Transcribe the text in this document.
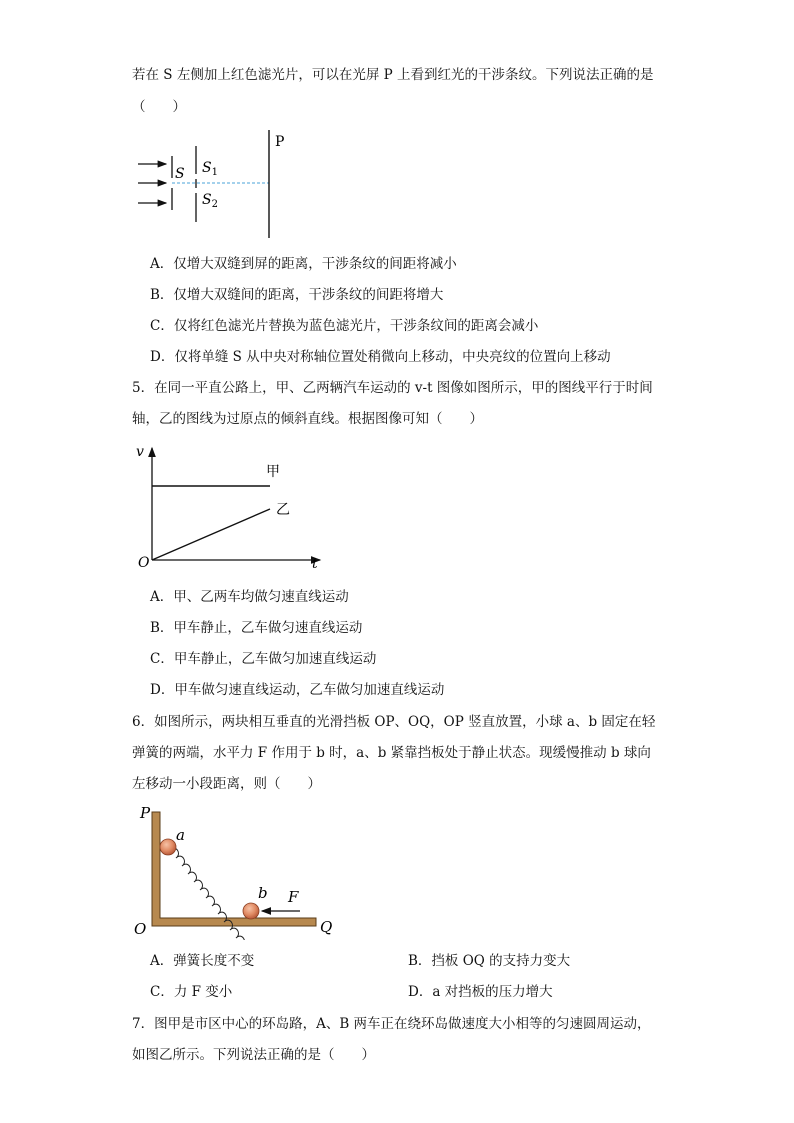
若在 S 左侧加上红色滤光片，可以在光屏 P 上看到红光的干涉条纹。下列说法正确的是
（　　）
P
S $S_1$
$S_2$
A．仅增大双缝到屏的距离，干涉条纹的间距将减小
B．仅增大双缝间的距离，干涉条纹的间距将增大
C．仅将红色滤光片替换为蓝色滤光片，干涉条纹间的距离会减小
D．仅将单缝 S 从中央对称轴位置处稍微向上移动，中央亮纹的位置向上移动
5．在同一平直公路上，甲、乙两辆汽车运动的 v-t 图像如图所示，甲的图线平行于时间
轴，乙的图线为过原点的倾斜直线。根据图像可知（　　）
v
t
O
甲
乙
A．甲、乙两车均做匀速直线运动
B．甲车静止，乙车做匀速直线运动
C．甲车静止，乙车做匀加速直线运动
D．甲车做匀速直线运动，乙车做匀加速直线运动
6．如图所示，两块相互垂直的光滑挡板 OP、OQ，OP 竖直放置，小球 a、b 固定在轻
弹簧的两端，水平力 F 作用于 b 时，a、b 紧靠挡板处于静止状态。现缓慢推动 b 球向
左移动一小段距离，则（　　）
P
O	Q
a
b F
A．弹簧长度不变	B．挡板 OQ 的支持力变大
C．力 F 变小	D．a 对挡板的压力增大
7．图甲是市区中心的环岛路，A、B 两车正在绕环岛做速度大小相等的匀速圆周运动，
如图乙所示。下列说法正确的是（　　）
